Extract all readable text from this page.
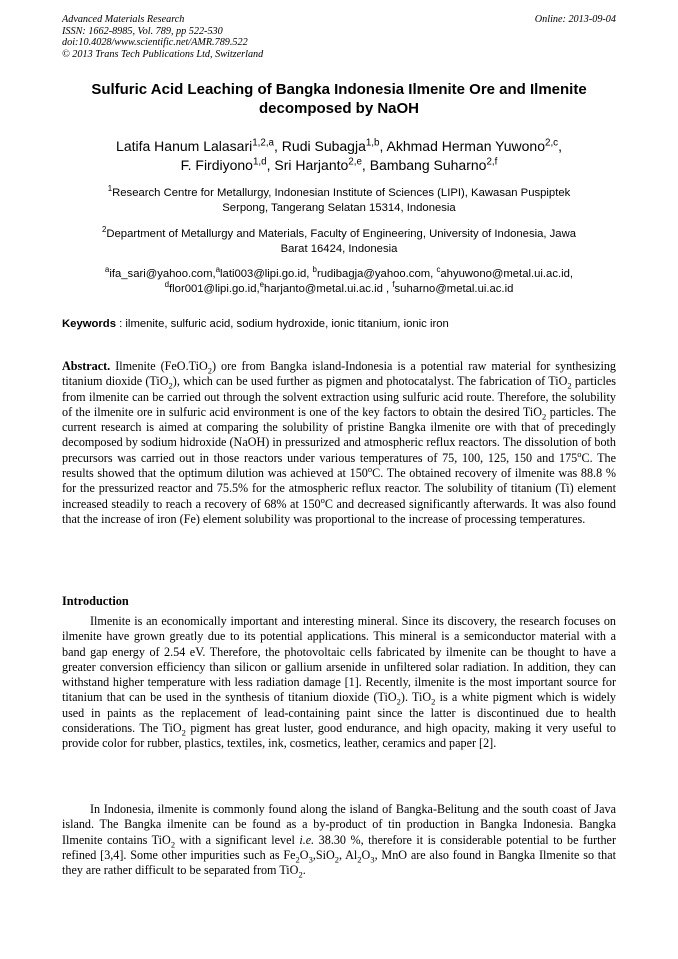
Advanced Materials Research
ISSN: 1662-8985, Vol. 789, pp 522-530
doi:10.4028/www.scientific.net/AMR.789.522
© 2013 Trans Tech Publications Ltd, Switzerland
Online: 2013-09-04
Sulfuric Acid Leaching of Bangka Indonesia Ilmenite Ore and Ilmenite
decomposed by NaOH
Latifa Hanum Lalasari$^{1,2,a}$, Rudi Subagja$^{1,b}$, Akhmad Herman Yuwono$^{2,c}$,
F. Firdiyono$^{1,d}$, Sri Harjanto$^{2,e}$, Bambang Suharno$^{2,f}$
$^1$Research Centre for Metallurgy, Indonesian Institute of Sciences (LIPI), Kawasan Puspiptek
Serpong, Tangerang Selatan 15314, Indonesia
$^2$Department of Metallurgy and Materials, Faculty of Engineering, University of Indonesia, Jawa
Barat 16424, Indonesia
$^a$ifa_sari@yahoo.com,$^a$lati003@lipi.go.id, $^b$rudibagja@yahoo.com, $^c$ahyuwono@metal.ui.ac.id,
$^d$flor001@lipi.go.id,$^e$harjanto@metal.ui.ac.id , $^f$suharno@metal.ui.ac.id
Keywords : ilmenite, sulfuric acid, sodium hydroxide, ionic titanium, ionic iron

Abstract. Ilmenite (FeO.TiO$_2$) ore from Bangka island-Indonesia is a potential raw material for synthesizing titanium dioxide (TiO$_2$), which can be used further as pigmen and photocatalyst. The fabrication of TiO$_2$ particles from ilmenite can be carried out through the solvent extraction using sulfuric acid route. Therefore, the solubility of the ilmenite ore in sulfuric acid environment is one of the key factors to obtain the desired TiO$_2$ particles. The current research is aimed at comparing the solubility of pristine Bangka ilmenite ore with that of precedingly decomposed by sodium hidroxide (NaOH) in pressurized and atmospheric reflux reactors. The dissolution of both precursors was carried out in those reactors under various temperatures of 75, 100, 125, 150 and 175$^o$C. The results showed that the optimum dilution was achieved at 150$^o$C. The obtained recovery of ilmenite was 88.8 % for the pressurized reactor and 75.5% for the atmospheric reflux reactor. The solubility of titanium (Ti) element increased steadily to reach a recovery of 68% at 150$^o$C and decreased significantly afterwards. It was also found that the increase of iron (Fe) element solubility was proportional to the increase of processing temperatures.

Introduction

Ilmenite is an economically important and interesting mineral. Since its discovery, the research focuses on ilmenite have grown greatly due to its potential applications. This mineral is a semiconductor material with a band gap energy of 2.54 eV. Therefore, the photovoltaic cells fabricated by ilmenite can be thought to have a greater conversion efficiency than silicon or gallium arsenide in unfiltered solar radiation. In addition, they can withstand higher temperature with less radiation damage [1]. Recently, ilmenite is the most important source for titanium that can be used in the synthesis of titanium dioxide (TiO$_2$). TiO$_2$ is a white pigment which is widely used in paints as the replacement of lead-containing paint since the latter is discontinued due to health considerations. The TiO$_2$ pigment has great luster, good endurance, and high opacity, making it very useful to provide color for rubber, plastics, textiles, ink, cosmetics, leather, ceramics and paper [2].

In Indonesia, ilmenite is commonly found along the island of Bangka-Belitung and the south coast of Java island. The Bangka ilmenite can be found as a by-product of tin production in Bangka Indonesia. Bangka Ilmenite contains TiO$_2$ with a significant level i.e. 38.30 %, therefore it is considerable potential to be further refined [3,4]. Some other impurities such as $Fe_2O_3,SiO_2$, $Al_2O_3$, MnO are also found in Bangka Ilmenite so that they are rather difficult to be separated from TiO$_2$.
